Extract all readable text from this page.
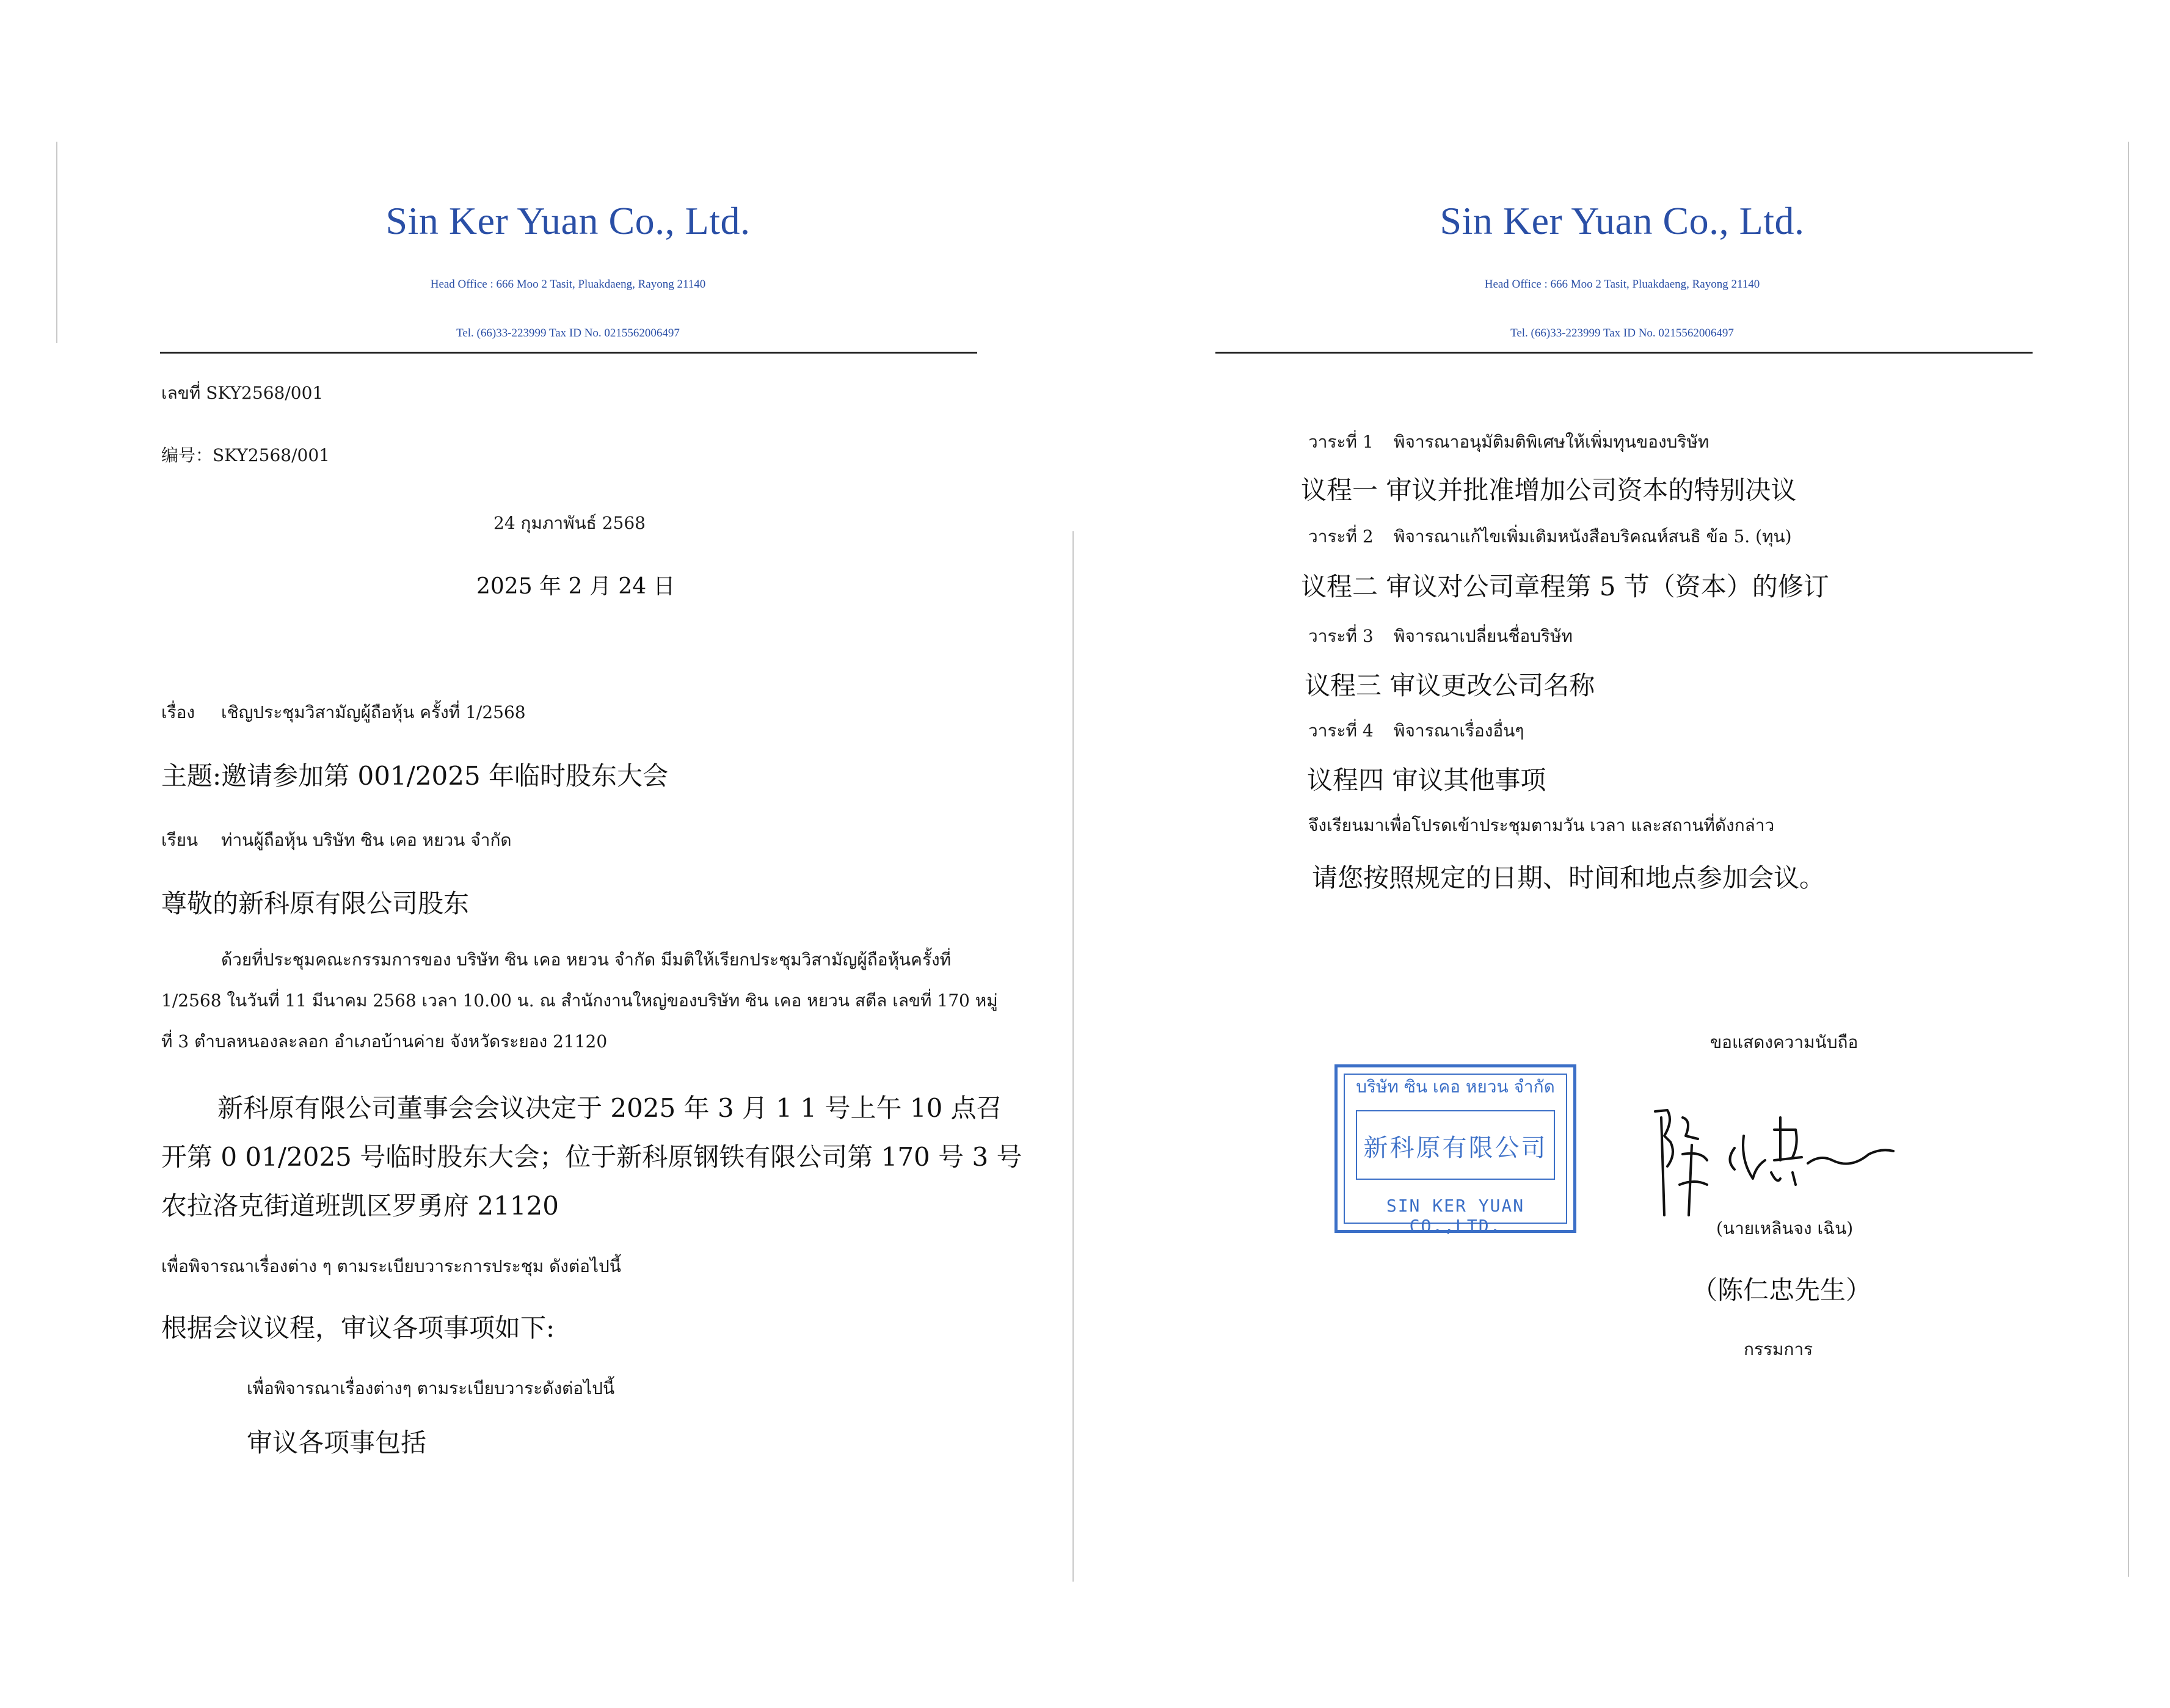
Sin Ker Yuan Co., Ltd.
Head Office : 666 Moo 2 Tasit, Pluakdaeng, Rayong 21140
Tel. (66)33-223999 Tax ID No. 0215562006497
เลขที่ SKY2568/001
编号：SKY2568/001
24 กุมภาพันธ์ 2568
2025 年 2 月 24 日
เรื่อง เชิญประชุมวิสามัญผู้ถือหุ้น ครั้งที่ 1/2568
主题:邀请参加第 001/2025 年临时股东大会
เรียน ท่านผู้ถือหุ้น บริษัท ซิน เคอ หยวน จำกัด
尊敬的新科原有限公司股东
ด้วยที่ประชุมคณะกรรมการของ บริษัท ซิน เคอ หยวน จำกัด มีมติให้เรียกประชุมวิสามัญผู้ถือหุ้นครั้งที่
1/2568 ในวันที่ 11 มีนาคม 2568 เวลา 10.00 น. ณ สำนักงานใหญ่ของบริษัท ซิน เคอ หยวน สตีล เลขที่ 170 หมู่
ที่ 3 ตำบลหนองละลอก อำเภอบ้านค่าย จังหวัดระยอง 21120
新科原有限公司董事会会议决定于 2025 年 3 月 1 1 号上午 10 点召
开第 0 01/2025 号临时股东大会；位于新科原钢铁有限公司第 170 号 3 号
农拉洛克街道班凯区罗勇府 21120
เพื่อพิจารณาเรื่องต่าง ๆ ตามระเบียบวาระการประชุม ดังต่อไปนี้
根据会议议程，审议各项事项如下:
เพื่อพิจารณาเรื่องต่างๆ ตามระเบียบวาระดังต่อไปนี้
审议各项事包括
Sin Ker Yuan Co., Ltd.
Head Office : 666 Moo 2 Tasit, Pluakdaeng, Rayong 21140
Tel. (66)33-223999 Tax ID No. 0215562006497
วาระที่ 1 พิจารณาอนุมัติมติพิเศษให้เพิ่มทุนของบริษัท
议程一 审议并批准增加公司资本的特别决议
วาระที่ 2 พิจารณาแก้ไขเพิ่มเติมหนังสือบริคณห์สนธิ ข้อ 5. (ทุน)
议程二 审议对公司章程第 5 节（资本）的修订
วาระที่ 3 พิจารณาเปลี่ยนชื่อบริษัท
议程三 审议更改公司名称
วาระที่ 4 พิจารณาเรื่องอื่นๆ
议程四 审议其他事项
จึงเรียนมาเพื่อโปรดเข้าประชุมตามวัน เวลา และสถานที่ดังกล่าว
请您按照规定的日期、时间和地点参加会议。
ขอแสดงความนับถือ
บริษัท ซิน เคอ หยวน จำกัด
新科原有限公司
SIN KER YUAN CO.,LTD.	(นายเหลินจง เฉิน)
（陈仁忠先生）
กรรมการ
